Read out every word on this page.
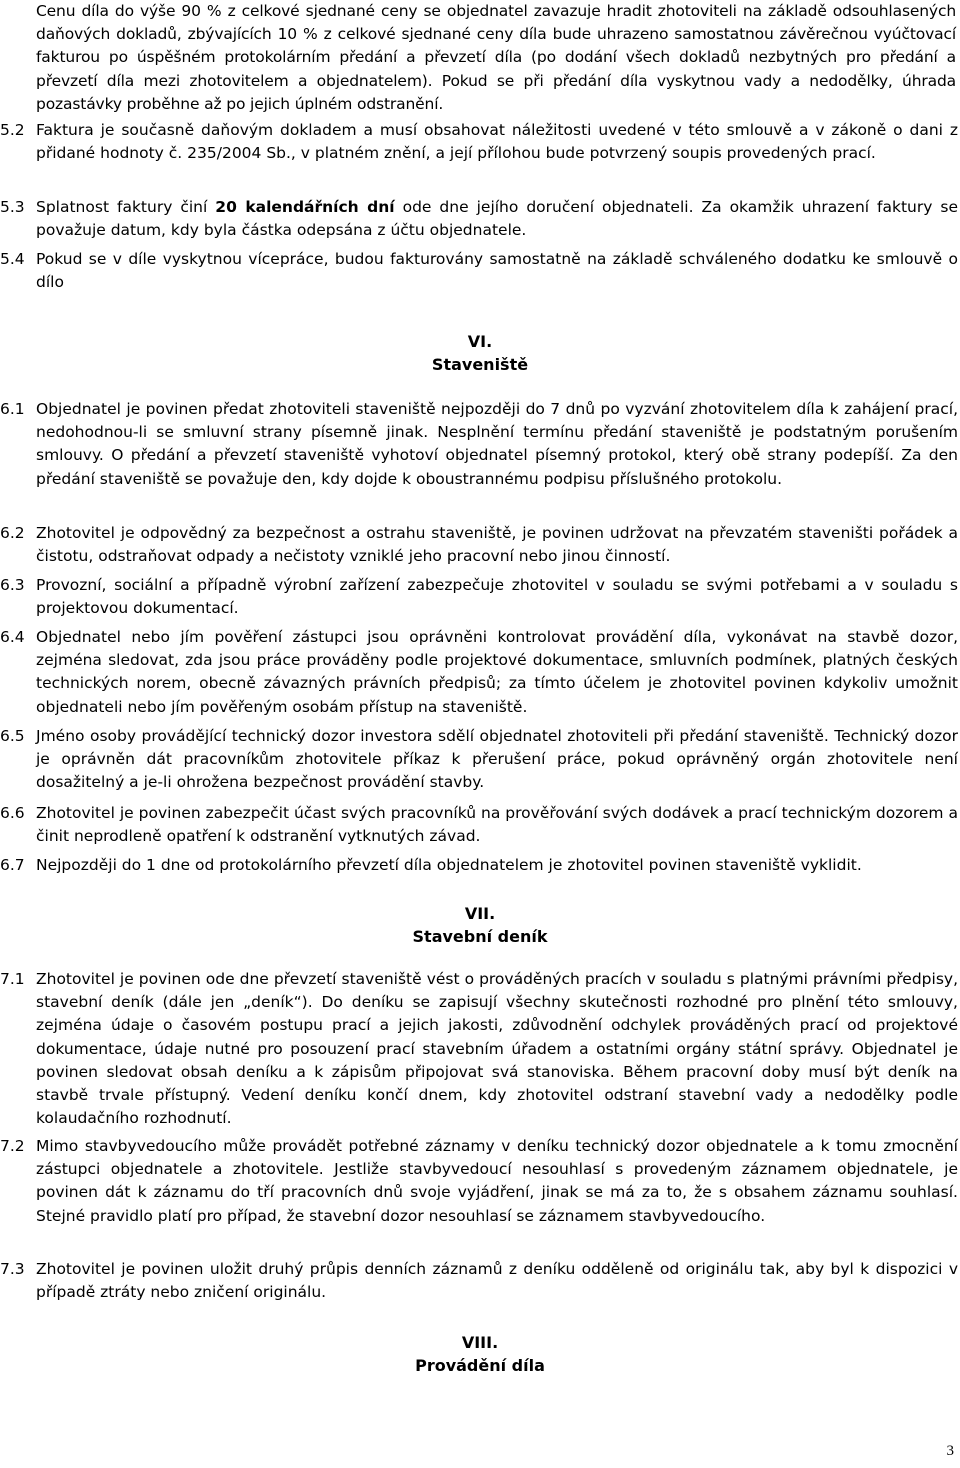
Cenu díla do výše 90 % z celkové sjednané ceny se objednatel zavazuje hradit zhotoviteli na základě odsouhlasených daňových dokladů, zbývajících 10 % z celkové sjednané ceny díla bude uhrazeno samostatnou závěrečnou vyúčtovací fakturou po úspěšném protokolárním předání a převzetí díla (po dodání všech dokladů nezbytných pro předání a převzetí díla mezi zhotovitelem a objednatelem). Pokud se při předání díla vyskytnou vady a nedodělky, úhrada pozastávky proběhne až po jejich úplném odstranění.

5.2 Faktura je současně daňovým dokladem a musí obsahovat náležitosti uvedené v této smlouvě a v zákoně o dani z přidané hodnoty č. 235/2004 Sb., v platném znění, a její přílohou bude potvrzený soupis provedených prací.

5.3 Splatnost faktury činí 20 kalendářních dní ode dne jejího doručení objednateli. Za okamžik uhrazení faktury se považuje datum, kdy byla částka odepsána z účtu objednatele.

5.4 Pokud se v díle vyskytnou vícepráce, budou fakturovány samostatně na základě schváleného dodatku ke smlouvě o dílo

VI.

Staveniště

6.1 Objednatel je povinen předat zhotoviteli staveniště nejpozději do 7 dnů po vyzvání zhotovitelem díla k zahájení prací, nedohodnou-li se smluvní strany písemně jinak. Nesplnění termínu předání staveniště je podstatným porušením smlouvy. O předání a převzetí staveniště vyhotoví objednatel písemný protokol, který obě strany podepíší. Za den předání staveniště se považuje den, kdy dojde k oboustrannému podpisu příslušného protokolu.

6.2 Zhotovitel je odpovědný za bezpečnost a ostrahu staveniště, je povinen udržovat na převzatém staveništi pořádek a čistotu, odstraňovat odpady a nečistoty vzniklé jeho pracovní nebo jinou činností.

6.3 Provozní, sociální a případně výrobní zařízení zabezpečuje zhotovitel v souladu se svými potřebami a v souladu s projektovou dokumentací.

6.4 Objednatel nebo jím pověření zástupci jsou oprávněni kontrolovat provádění díla, vykonávat na stavbě dozor, zejména sledovat, zda jsou práce prováděny podle projektové dokumentace, smluvních podmínek, platných českých technických norem, obecně závazných právních předpisů; za tímto účelem je zhotovitel povinen kdykoliv umožnit objednateli nebo jím pověřeným osobám přístup na staveniště.

6.5 Jméno osoby provádějící technický dozor investora sdělí objednatel zhotoviteli při předání staveniště. Technický dozor je oprávněn dát pracovníkům zhotovitele příkaz k přerušení práce, pokud oprávněný orgán zhotovitele není dosažitelný a je-li ohrožena bezpečnost provádění stavby.

6.6 Zhotovitel je povinen zabezpečit účast svých pracovníků na prověřování svých dodávek a prací technickým dozorem a činit neprodleně opatření k odstranění vytknutých závad.

6.7 Nejpozději do 1 dne od protokolárního převzetí díla objednatelem je zhotovitel povinen staveniště vyklidit.

VII.

Stavební deník

7.1 Zhotovitel je povinen ode dne převzetí staveniště vést o prováděných pracích v souladu s platnými právními předpisy, stavební deník (dále jen „deník“). Do deníku se zapisují všechny skutečnosti rozhodné pro plnění této smlouvy, zejména údaje o časovém postupu prací a jejich jakosti, zdůvodnění odchylek prováděných prací od projektové dokumentace, údaje nutné pro posouzení prací stavebním úřadem a ostatními orgány státní správy. Objednatel je povinen sledovat obsah deníku a k zápisům připojovat svá stanoviska. Během pracovní doby musí být deník na stavbě trvale přístupný. Vedení deníku končí dnem, kdy zhotovitel odstraní stavební vady a nedodělky podle kolaudačního rozhodnutí.

7.2 Mimo stavbyvedoucího může provádět potřebné záznamy v deníku technický dozor objednatele a k tomu zmocnění zástupci objednatele a zhotovitele. Jestliže stavbyvedoucí nesouhlasí s provedeným záznamem objednatele, je povinen dát k záznamu do tří pracovních dnů svoje vyjádření, jinak se má za to, že s obsahem záznamu souhlasí. Stejné pravidlo platí pro případ, že stavební dozor nesouhlasí se záznamem stavbyvedoucího.

7.3 Zhotovitel je povinen uložit druhý průpis denních záznamů z deníku odděleně od originálu tak, aby byl k dispozici v případě ztráty nebo zničení originálu.

VIII.

Provádění díla

3
